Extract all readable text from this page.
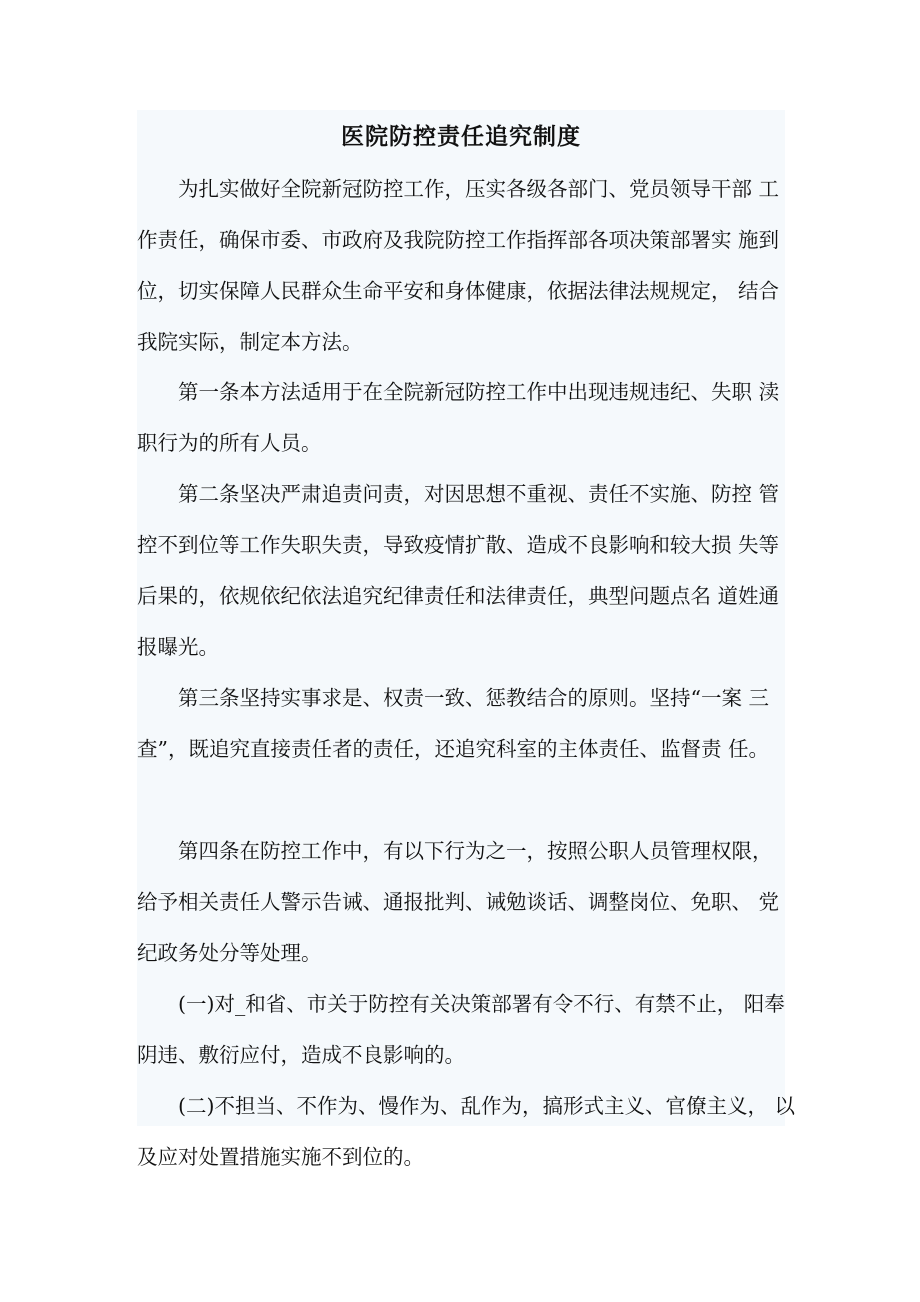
医院防控责任追究制度

为扎实做好全院新冠防控工作，压实各级各部门、党员领导干部 工作责任，确保市委、市政府及我院防控工作指挥部各项决策部署实 施到位，切实保障人民群众生命平安和身体健康，依据法律法规规定， 结合我院实际，制定本方法。

第一条本方法适用于在全院新冠防控工作中出现违规违纪、失职 渎职行为的所有人员。

第二条坚决严肃追责问责，对因思想不重视、责任不实施、防控 管控不到位等工作失职失责，导致疫情扩散、造成不良影响和较大损 失等后果的，依规依纪依法追究纪律责任和法律责任，典型问题点名 道姓通报曝光。

第三条坚持实事求是、权责一致、惩教结合的原则。坚持“一案 三查”，既追究直接责任者的责任，还追究科室的主体责任、监督责 任。

第四条在防控工作中，有以下行为之一，按照公职人员管理权限， 给予相关责任人警示告诫、通报批判、诫勉谈话、调整岗位、免职、 党纪政务处分等处理。

(一)对_和省、市关于防控有关决策部署有令不行、有禁不止， 阳奉阴违、敷衍应付，造成不良影响的。

(二)不担当、不作为、慢作为、乱作为，搞形式主义、官僚主义， 以及应对处置措施实施不到位的。
